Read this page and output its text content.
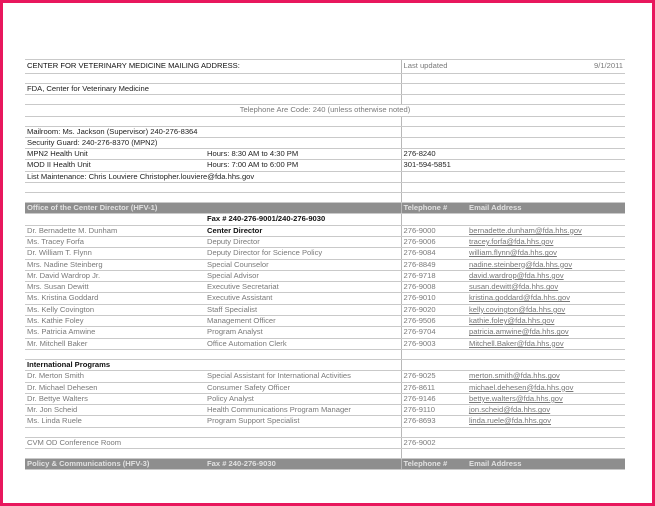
CENTER FOR VETERINARY MEDICINE MAILING ADDRESS:		Last updated	9/1/2011

FDA, Center for Veterinary Medicine			

Telephone Are Code: 240 (unless otherwise noted)			

Mailroom: Ms. Jackson (Supervisor) 240-276-8364			
Security Guard: 240-276-8370 (MPN2)			
MPN2 Health Unit	Hours: 8:30 AM to 4:30 PM	276-8240	
MOD II Health Unit	Hours: 7:00 AM to 6:00 PM	301-594-5851	
List Maintenance: Chris Louviere Christopher.louviere@fda.hhs.gov			

Office of the Center Director (HFV-1)		Telephone #	Email Address
	Fax # 240-276-9001/240-276-9030		
Dr. Bernadette M. Dunham	Center Director	276-9000	bernadette.dunham@fda.hhs.gov
Ms. Tracey Forfa	Deputy Director	276-9006	tracey.forfa@fda.hhs.gov
Dr. William T. Flynn	Deputy Director for Science Policy	276-9084	william.flynn@fda.hhs.gov
Mrs. Nadine Steinberg	Special Counselor	276-8849	nadine.steinberg@fda.hhs.gov
Mr. David Wardrop Jr.	Special Advisor	276-9718	david.wardrop@fda.hhs.gov
Mrs. Susan Dewitt	Executive Secretariat	276-9008	susan.dewitt@fda.hhs.gov
Ms. Kristina Goddard	Executive Assistant	276-9010	kristina.goddard@fda.hhs.gov
Ms. Kelly Covington	Staff Specialist	276-9020	kelly.covington@fda.hhs.gov
Ms. Kathie Foley	Management Officer	276-9506	kathie.foley@fda.hhs.gov
Ms. Patricia Amwine	Program Analyst	276-9704	patricia.amwine@fda.hhs.gov
Mr. Mitchell Baker	Office Automation Clerk	276-9003	Mitchell.Baker@fda.hhs.gov

International Programs			
Dr. Merton Smith	Special Assistant for International Activities	276-9025	merton.smith@fda.hhs.gov
Dr. Michael Dehesen	Consumer Safety Officer	276-8611	michael.dehesen@fda.hhs.gov
Dr. Bettye Walters	Policy Analyst	276-9146	bettye.walters@fda.hhs.gov
Mr. Jon Scheid	Health Communications Program Manager	276-9110	jon.scheid@fda.hhs.gov
Ms. Linda Ruele	Program Support Specialist	276-8693	linda.ruele@fda.hhs.gov

CVM OD Conference Room		276-9002	

Policy & Communications (HFV-3)	Fax # 240-276-9030	Telephone #	Email Address
